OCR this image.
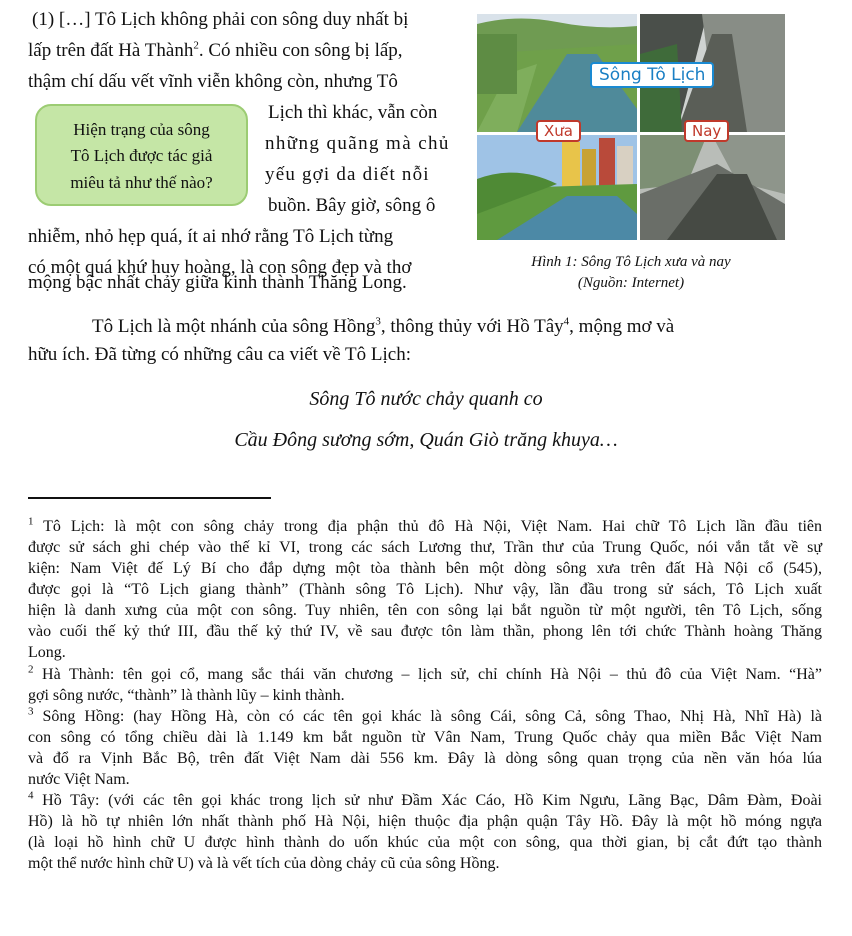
(1) […] Tô Lịch không phải con sông duy nhất bị
lấp trên đất Hà Thành$^2$. Có nhiều con sông bị lấp,
thậm chí dấu vết vĩnh viễn không còn, nhưng Tô
Lịch thì khác, vẫn còn
những quãng mà chủ
yếu gợi da diết nỗi
buồn. Bây giờ, sông ô
nhiễm, nhỏ hẹp quá, ít ai nhớ rằng Tô Lịch từng
có một quá khứ huy hoàng, là con sông đẹp và thơ
mộng bậc nhất chảy giữa kinh thành Thăng Long.
Hiện trạng của sông
Tô Lịch được tác giả
miêu tả như thế nào?
Sông Tô Lịch
Xưa	Nay
Hình 1: Sông Tô Lịch xưa và nay
(Nguồn: Internet)
Tô Lịch là một nhánh của sông Hồng$^3$, thông thủy với Hồ Tây$^4$, mộng mơ và
hữu ích. Đã từng có những câu ca viết về Tô Lịch:
Sông Tô nước chảy quanh co
Cầu Đông sương sớm, Quán Giò trăng khuya…
$^1$ Tô Lịch: là một con sông chảy trong địa phận thủ đô Hà Nội, Việt Nam. Hai chữ Tô Lịch lần đầu tiên
được sử sách ghi chép vào thế kỉ VI, trong các sách Lương thư, Trần thư của Trung Quốc, nói vắn tắt về sự
kiện: Nam Việt đế Lý Bí cho đắp dựng một tòa thành bên một dòng sông xưa trên đất Hà Nội cổ (545),
được gọi là “Tô Lịch giang thành” (Thành sông Tô Lịch). Như vậy, lần đầu trong sử sách, Tô Lịch xuất
hiện là danh xưng của một con sông. Tuy nhiên, tên con sông lại bắt nguồn từ một người, tên Tô Lịch, sống
vào cuối thế kỷ thứ III, đầu thế kỷ thứ IV, về sau được tôn làm thần, phong lên tới chức Thành hoàng Thăng
Long.
$^2$ Hà Thành: tên gọi cổ, mang sắc thái văn chương – lịch sử, chỉ chính Hà Nội – thủ đô của Việt Nam. “Hà”
gợi sông nước, “thành” là thành lũy – kinh thành.
$^3$ Sông Hồng: (hay Hồng Hà, còn có các tên gọi khác là sông Cái, sông Cả, sông Thao, Nhị Hà, Nhĩ Hà) là
con sông có tổng chiều dài là 1.149 km bắt nguồn từ Vân Nam, Trung Quốc chảy qua miền Bắc Việt Nam
và đổ ra Vịnh Bắc Bộ, trên đất Việt Nam dài 556 km. Đây là dòng sông quan trọng của nền văn hóa lúa
nước Việt Nam.
$^4$ Hồ Tây: (với các tên gọi khác trong lịch sử như Đầm Xác Cáo, Hồ Kim Ngưu, Lãng Bạc, Dâm Đàm, Đoài
Hồ) là hồ tự nhiên lớn nhất thành phố Hà Nội, hiện thuộc địa phận quận Tây Hồ. Đây là một hồ móng ngựa
(là loại hồ hình chữ U được hình thành do uốn khúc của một con sông, qua thời gian, bị cắt đứt tạo thành
một thể nước hình chữ U) và là vết tích của dòng chảy cũ của sông Hồng.
